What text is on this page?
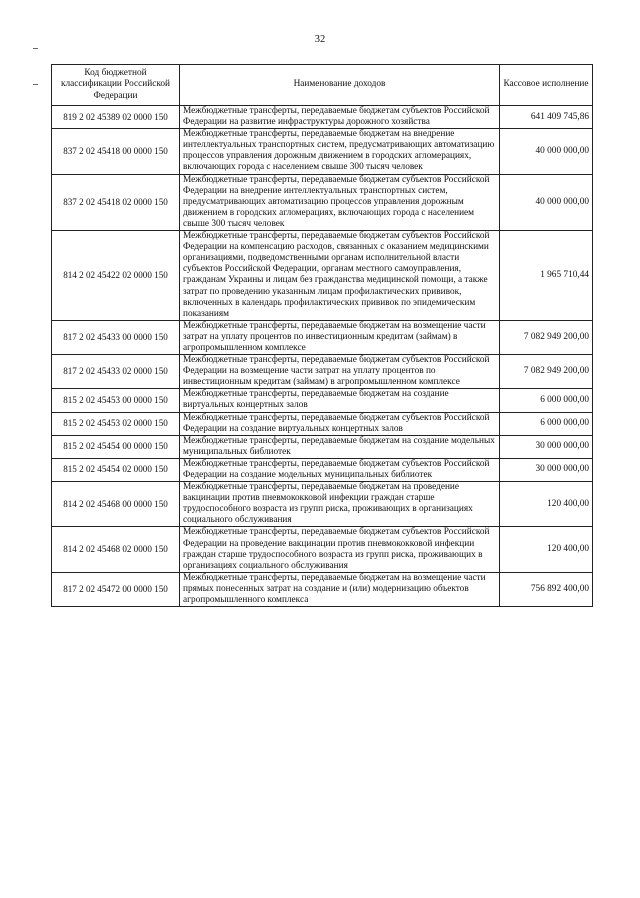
32
Код бюджетной классификации Российской Федерации	Наименование доходов	Кассовое исполнение
819 2 02 45389 02 0000 150	Межбюджетные трансферты, передаваемые бюджетам субъектов Российской Федерации на развитие инфраструктуры дорожного хозяйства	641 409 745,86
837 2 02 45418 00 0000 150	Межбюджетные трансферты, передаваемые бюджетам на внедрение интеллектуальных транспортных систем, предусматривающих автоматизацию процессов управления дорожным движением в городских агломерациях, включающих города с населением свыше 300 тысяч человек	40 000 000,00
837 2 02 45418 02 0000 150	Межбюджетные трансферты, передаваемые бюджетам субъектов Российской Федерации на внедрение интеллектуальных транспортных систем, предусматривающих автоматизацию процессов управления дорожным движением в городских агломерациях, включающих города с населением свыше 300 тысяч человек	40 000 000,00
814 2 02 45422 02 0000 150	Межбюджетные трансферты, передаваемые бюджетам субъектов Российской Федерации на компенсацию расходов, связанных с оказанием медицинскими организациями, подведомственными органам исполнительной власти субъектов Российской Федерации, органам местного самоуправления, гражданам Украины и лицам без гражданства медицинской помощи, а также затрат по проведению указанным лицам профилактических прививок, включенных в календарь профилактических прививок по эпидемическим показаниям	1 965 710,44
817 2 02 45433 00 0000 150	Межбюджетные трансферты, передаваемые бюджетам на возмещение части затрат на уплату процентов по инвестиционным кредитам (займам) в агропромышленном комплексе	7 082 949 200,00
817 2 02 45433 02 0000 150	Межбюджетные трансферты, передаваемые бюджетам субъектов Российской Федерации на возмещение части затрат на уплату процентов по инвестиционным кредитам (займам) в агропромышленном комплексе	7 082 949 200,00
815 2 02 45453 00 0000 150	Межбюджетные трансферты, передаваемые бюджетам на создание виртуальных концертных залов	6 000 000,00
815 2 02 45453 02 0000 150	Межбюджетные трансферты, передаваемые бюджетам субъектов Российской Федерации на создание виртуальных концертных залов	6 000 000,00
815 2 02 45454 00 0000 150	Межбюджетные трансферты, передаваемые бюджетам на создание модельных муниципальных библиотек	30 000 000,00
815 2 02 45454 02 0000 150	Межбюджетные трансферты, передаваемые бюджетам субъектов Российской Федерации на создание модельных муниципальных библиотек	30 000 000,00
814 2 02 45468 00 0000 150	Межбюджетные трансферты, передаваемые бюджетам на проведение вакцинации против пневмококковой инфекции граждан старше трудоспособного возраста из групп риска, проживающих в организациях социального обслуживания	120 400,00
814 2 02 45468 02 0000 150	Межбюджетные трансферты, передаваемые бюджетам субъектов Российской Федерации на проведение вакцинации против пневмококковой инфекции граждан старше трудоспособного возраста из групп риска, проживающих в организациях социального обслуживания	120 400,00
817 2 02 45472 00 0000 150	Межбюджетные трансферты, передаваемые бюджетам на возмещение части прямых понесенных затрат на создание и (или) модернизацию объектов агропромышленного комплекса	756 892 400,00
